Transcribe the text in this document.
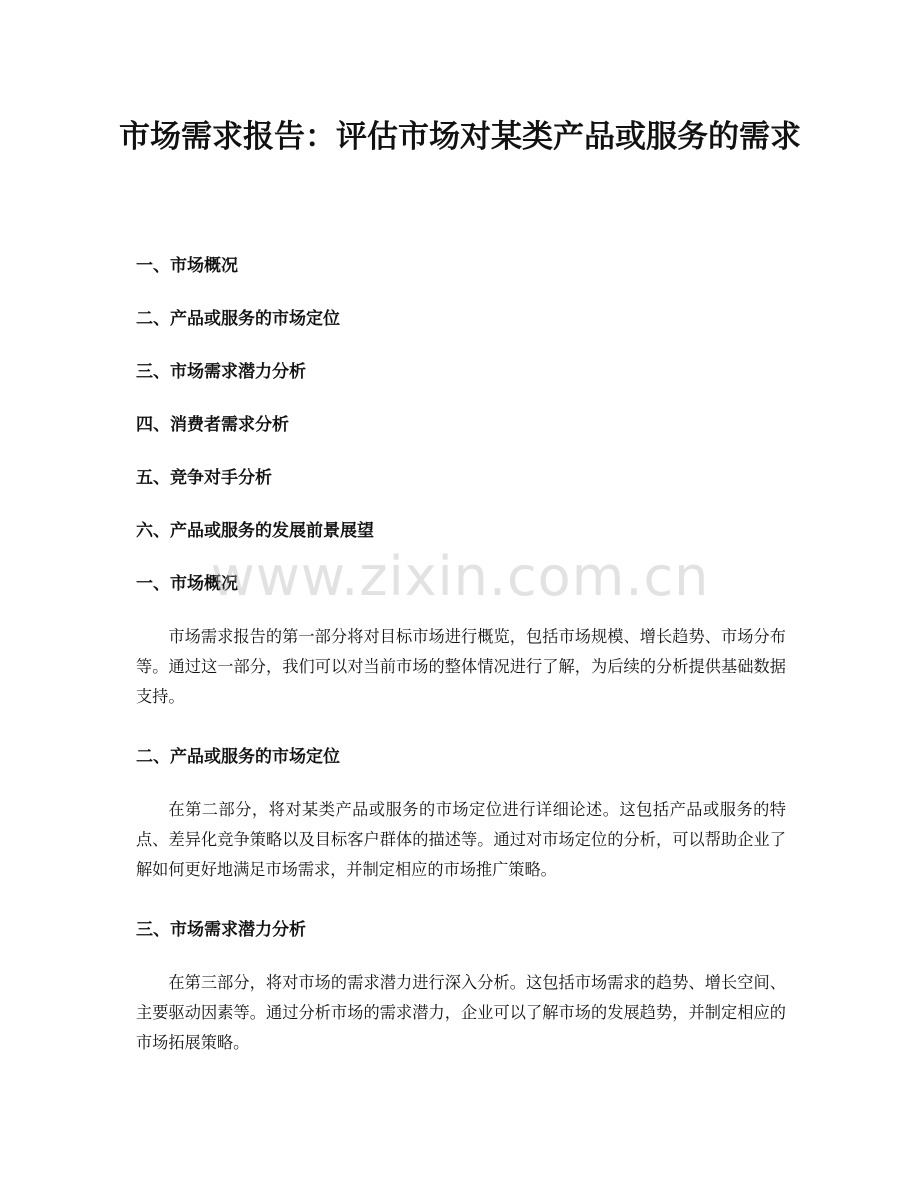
市场需求报告：评估市场对某类产品或服务的需求
一、市场概况
二、产品或服务的市场定位
三、市场需求潜力分析
四、消费者需求分析
五、竞争对手分析
六、产品或服务的发展前景展望
一、市场概况

市场需求报告的第一部分将对目标市场进行概览，包括市场规模、增长趋势、市场分布等。通过这一部分，我们可以对当前市场的整体情况进行了解，为后续的分析提供基础数据支持。

二、产品或服务的市场定位

在第二部分，将对某类产品或服务的市场定位进行详细论述。这包括产品或服务的特点、差异化竞争策略以及目标客户群体的描述等。通过对市场定位的分析，可以帮助企业了解如何更好地满足市场需求，并制定相应的市场推广策略。

三、市场需求潜力分析

在第三部分，将对市场的需求潜力进行深入分析。这包括市场需求的趋势、增长空间、主要驱动因素等。通过分析市场的需求潜力，企业可以了解市场的发展趋势，并制定相应的市场拓展策略。

www.zixin.com.cn
